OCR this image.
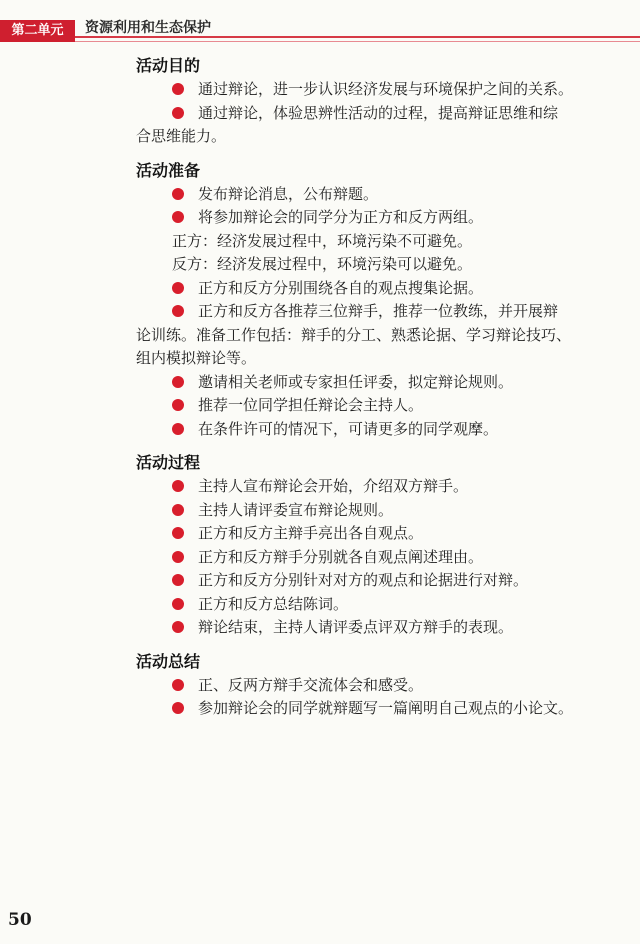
第二单元	资源利用和生态保护
活动目的

通过辩论，进一步认识经济发展与环境保护之间的关系。

通过辩论，体验思辨性活动的过程，提高辩证思维和综

合思维能力。

活动准备

发布辩论消息，公布辩题。

将参加辩论会的同学分为正方和反方两组。

正方：经济发展过程中，环境污染不可避免。

反方：经济发展过程中，环境污染可以避免。

正方和反方分别围绕各自的观点搜集论据。

正方和反方各推荐三位辩手，推荐一位教练，并开展辩

论训练。准备工作包括：辩手的分工、熟悉论据、学习辩论技巧、

组内模拟辩论等。

邀请相关老师或专家担任评委，拟定辩论规则。

推荐一位同学担任辩论会主持人。

在条件许可的情况下，可请更多的同学观摩。

活动过程

主持人宣布辩论会开始，介绍双方辩手。

主持人请评委宣布辩论规则。

正方和反方主辩手亮出各自观点。

正方和反方辩手分别就各自观点阐述理由。

正方和反方分别针对对方的观点和论据进行对辩。

正方和反方总结陈词。

辩论结束，主持人请评委点评双方辩手的表现。

活动总结

正、反两方辩手交流体会和感受。

参加辩论会的同学就辩题写一篇阐明自己观点的小论文。

50
